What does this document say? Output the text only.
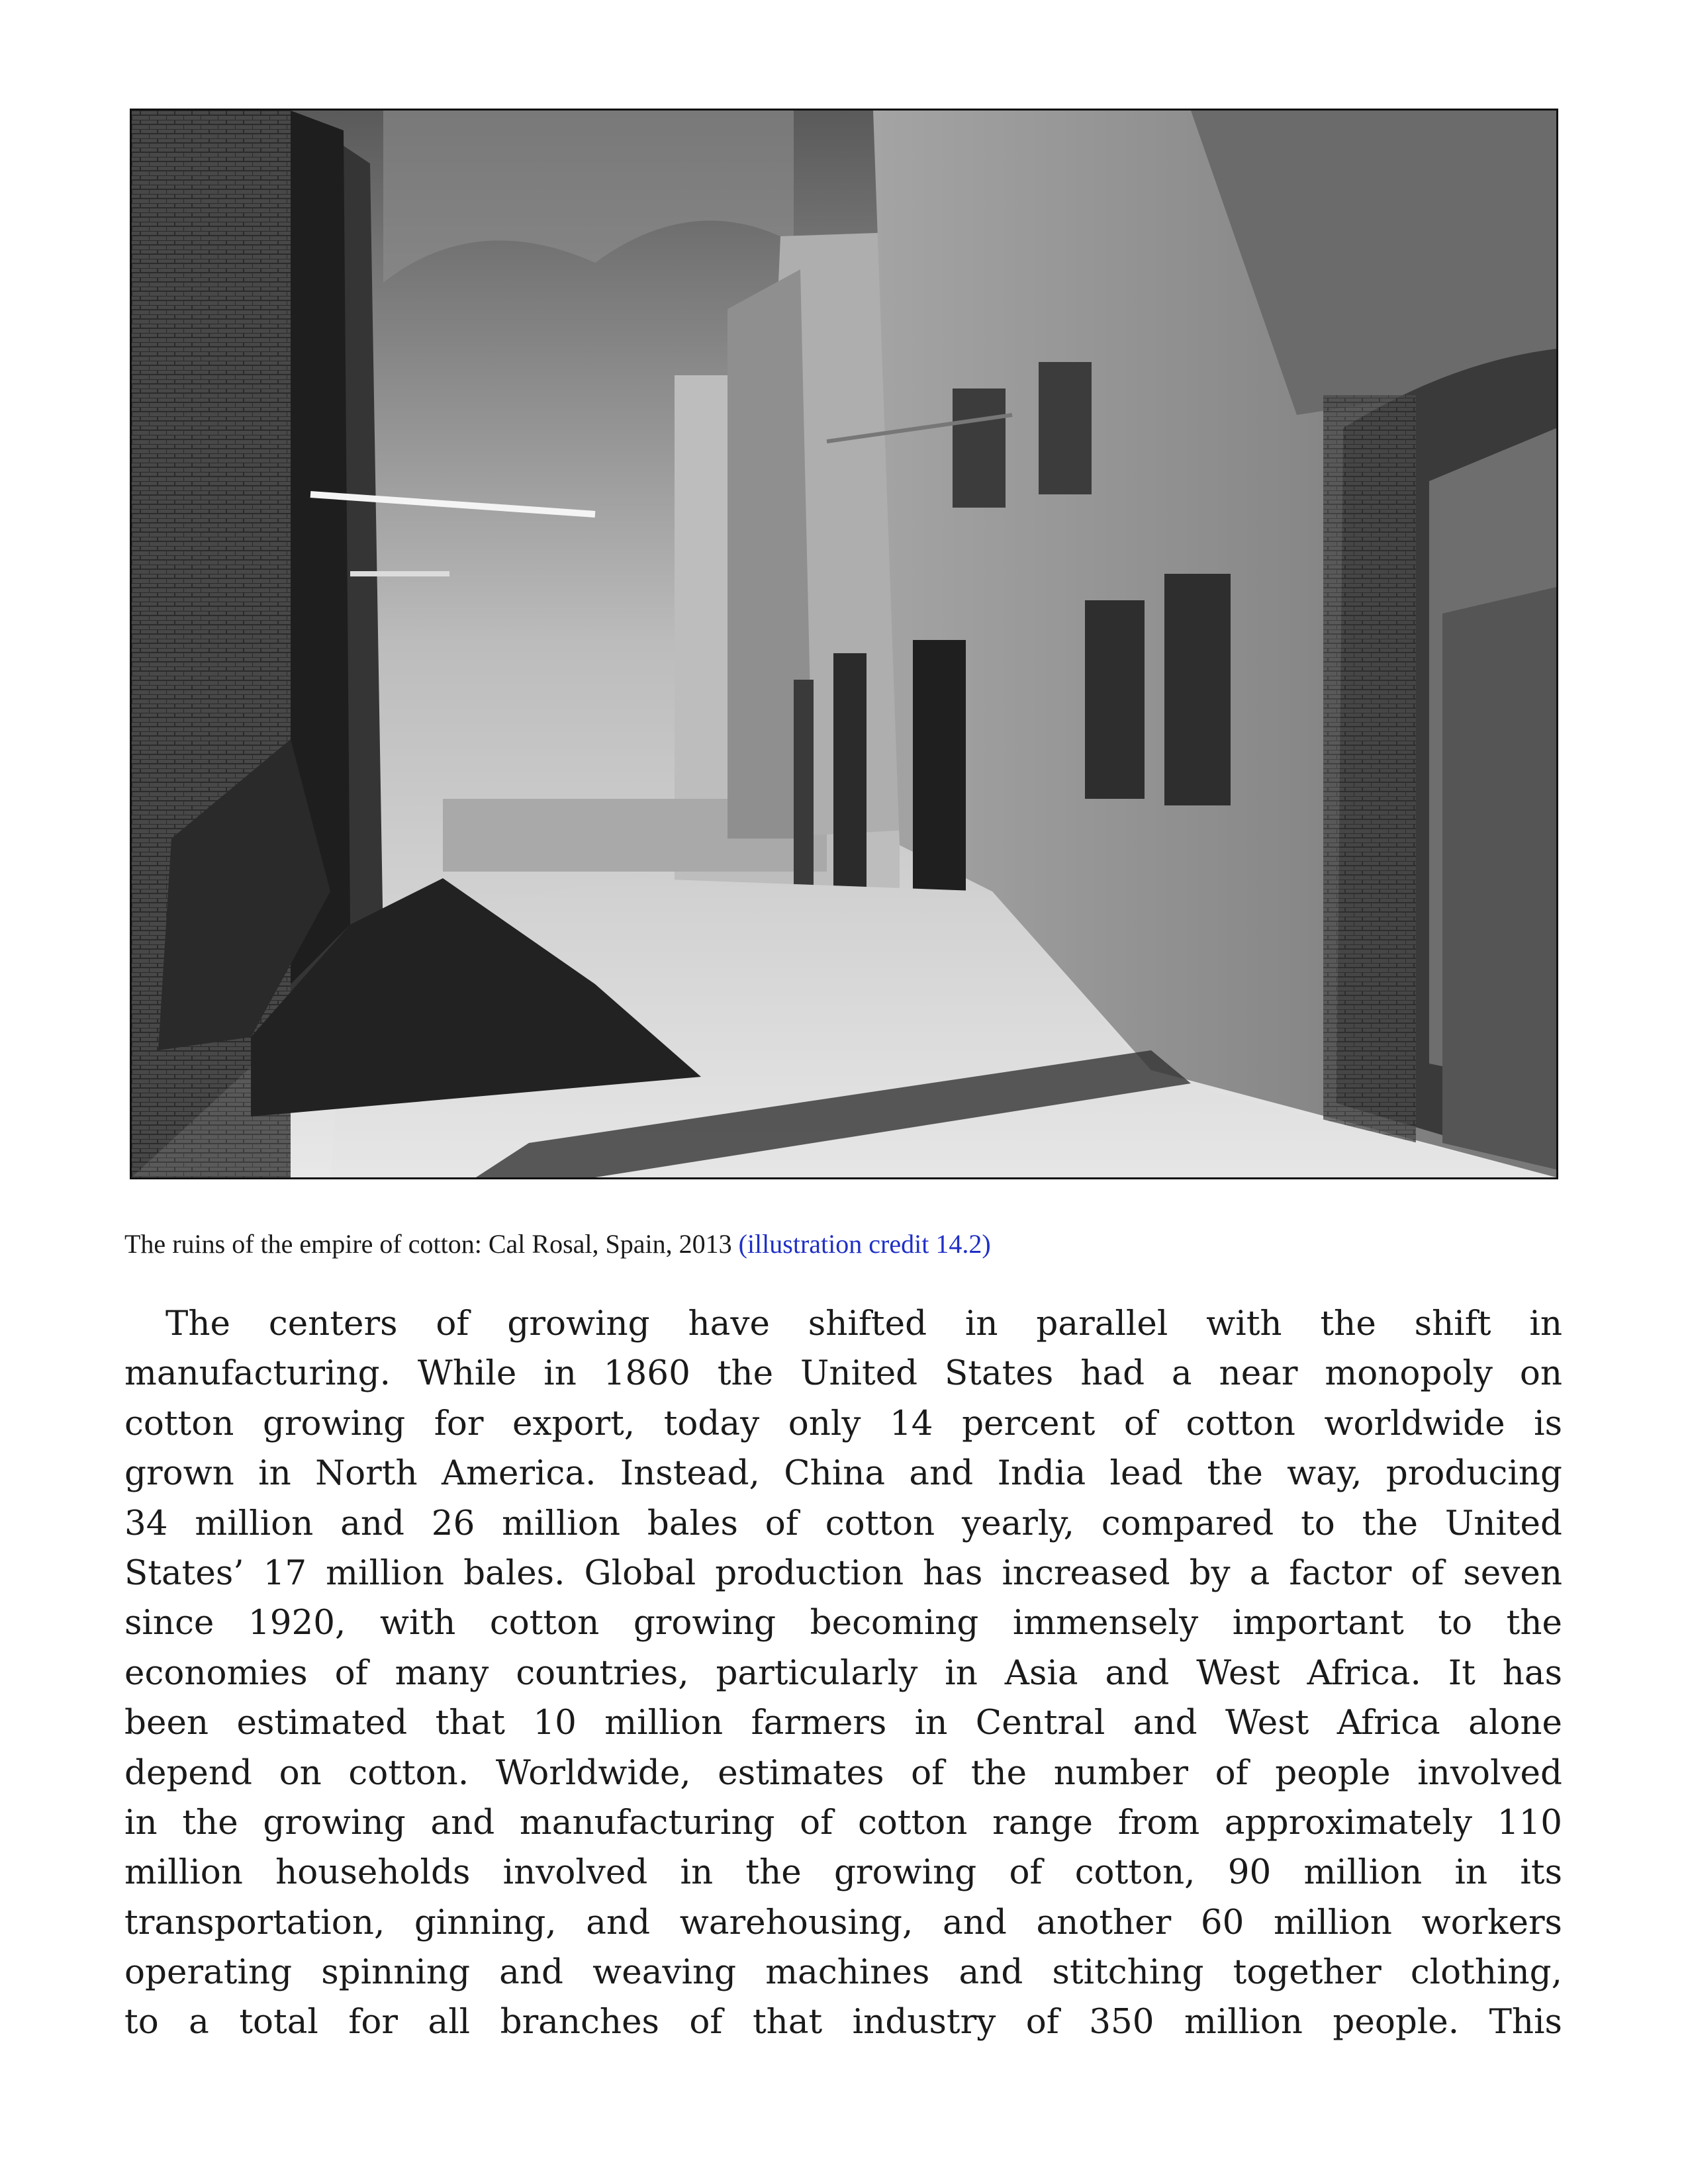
The ruins of the empire of cotton: Cal Rosal, Spain, 2013 (illustration credit 14.2)
The centers of growing have shifted in parallel with the shift in
manufacturing. While in 1860 the United States had a near monopoly on
cotton growing for export, today only 14 percent of cotton worldwide is
grown in North America. Instead, China and India lead the way, producing
34 million and 26 million bales of cotton yearly, compared to the United
States’ 17 million bales. Global production has increased by a factor of seven
since 1920, with cotton growing becoming immensely important to the
economies of many countries, particularly in Asia and West Africa. It has
been estimated that 10 million farmers in Central and West Africa alone
depend on cotton. Worldwide, estimates of the number of people involved
in the growing and manufacturing of cotton range from approximately 110
million households involved in the growing of cotton, 90 million in its
transportation, ginning, and warehousing, and another 60 million workers
operating spinning and weaving machines and stitching together clothing,
to a total for all branches of that industry of 350 million people. This
